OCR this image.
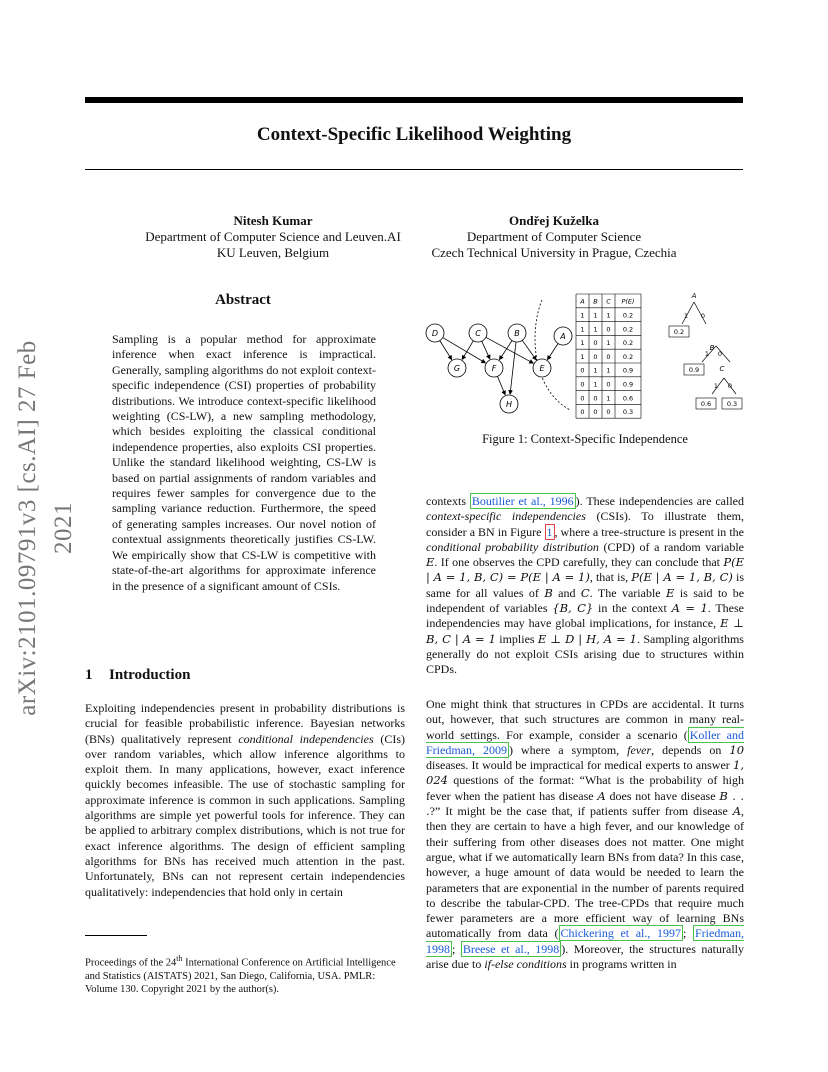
Context-Specific Likelihood Weighting
Nitesh Kumar
Department of Computer Science and Leuven.AI
KU Leuven, Belgium
Ondřej Kuželka
Department of Computer Science
Czech Technical University in Prague, Czechia
arXiv:2101.09791v3 [cs.AI] 27 Feb 2021
Abstract
Sampling is a popular method for approximate inference when exact inference is impractical. Generally, sampling algorithms do not exploit context-specific independence (CSI) properties of probability distributions. We introduce context-specific likelihood weighting (CS-LW), a new sampling methodology, which besides exploiting the classical conditional independence properties, also exploits CSI properties. Unlike the standard likelihood weighting, CS-LW is based on partial assignments of random variables and requires fewer samples for convergence due to the sampling variance reduction. Furthermore, the speed of generating samples increases. Our novel notion of contextual assignments theoretically justifies CS-LW. We empirically show that CS-LW is competitive with state-of-the-art algorithms for approximate inference in the presence of a significant amount of CSIs.
1 Introduction

Exploiting independencies present in probability distributions is crucial for feasible probabilistic inference. Bayesian networks (BNs) qualitatively represent conditional independencies (CIs) over random variables, which allow inference algorithms to exploit them. In many applications, however, exact inference quickly becomes infeasible. The use of stochastic sampling for approximate inference is common in such applications. Sampling algorithms are simple yet powerful tools for inference. They can be applied to arbitrary complex distributions, which is not true for exact inference algorithms. The design of efficient sampling algorithms for BNs has received much attention in the past. Unfortunately, BNs can not represent certain independencies qualitatively: independencies that hold only in certain

Proceedings of the 24th International Conference on Artificial Intelligence and Statistics (AISTATS) 2021, San Diego, California, USA. PMLR: Volume 130. Copyright 2021 by the author(s).
D	C	B	A
G	F	E
H
A B C P(E)
1 1 1 0.2
1 1 0 0.2
1 0 1 0.2
1 0 0 0.2
0 1 1 0.9
0 1 0 0.9
0 0 1 0.6
0 0 0 0.3
A
B
C
1 0
1 0
1 0
0.2
0.9
0.6 0.3
Figure 1: Context-Specific Independence

contexts Boutilier et al., 1996 ). These independencies are called context-specific independencies (CSIs). To illustrate them, consider a BN in Figure 1 , where a tree-structure is present in the conditional probability distribution (CPD) of a random variable E. If one observes the CPD carefully, they can conclude that P(E | A = 1, B, C) = P(E | A = 1), that is, P(E | A = 1, B, C) is same for all values of B and C. The variable E is said to be independent of variables {B, C} in the context A = 1. These independencies may have global implications, for instance, E ⊥ B, C | A = 1 implies E ⊥ D | H, A = 1. Sampling algorithms generally do not exploit CSIs arising due to structures within CPDs.

One might think that structures in CPDs are accidental. It turns out, however, that such structures are common in many real-world settings. For example, consider a scenario ( Koller and Friedman, 2009 ) where a symptom, fever, depends on 10 diseases. It would be impractical for medical experts to answer 1, 024 questions of the format: “What is the probability of high fever when the patient has disease A does not have disease B . . .?” It might be the case that, if patients suffer from disease A, then they are certain to have a high fever, and our knowledge of their suffering from other diseases does not matter. One might argue, what if we automatically learn BNs from data? In this case, however, a huge amount of data would be needed to learn the parameters that are exponential in the number of parents required to describe the tabular-CPD. The tree-CPDs that require much fewer parameters are a more efficient way of learning BNs automatically from data ( Chickering et al., 1997 ; Friedman, 1998 ; Breese et al., 1998 ). Moreover, the structures naturally arise due to if-else conditions in programs written in
